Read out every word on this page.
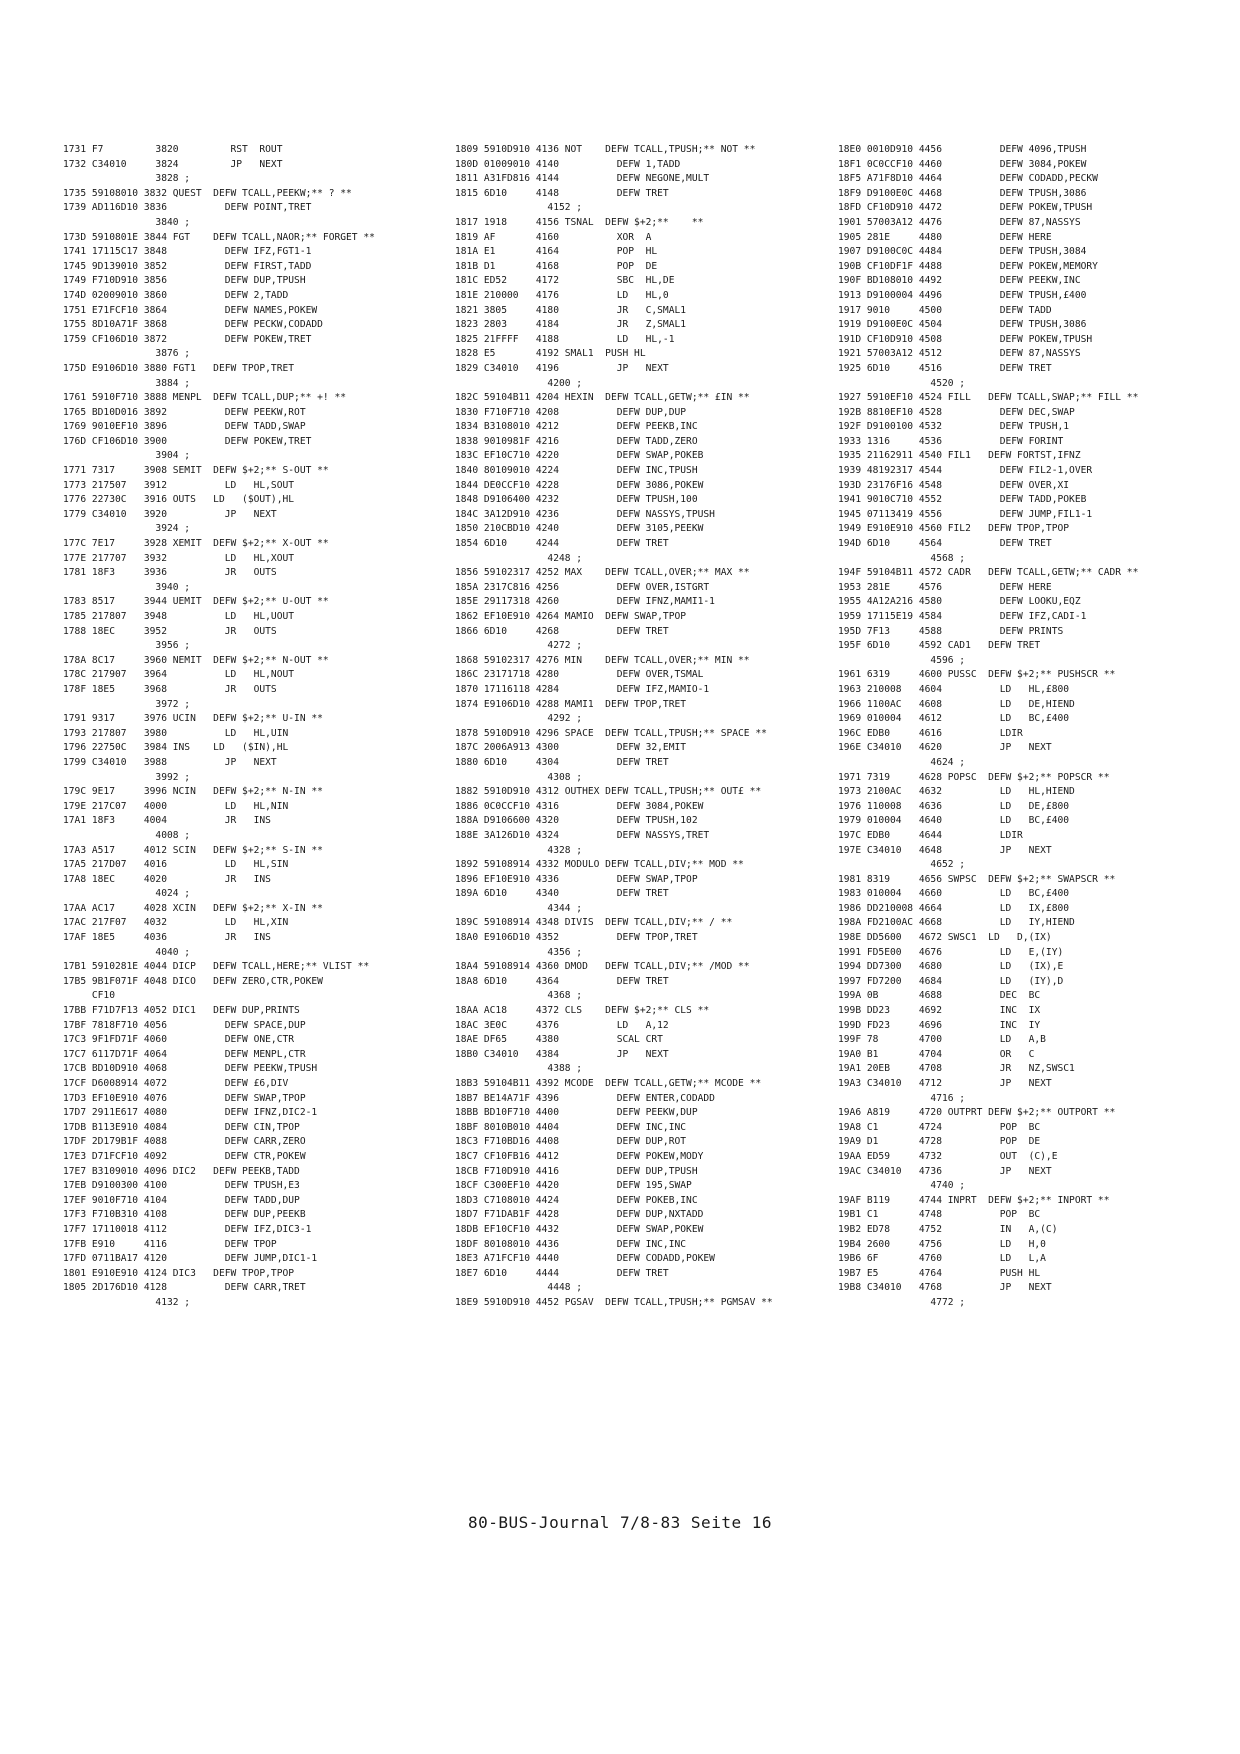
1731 F7         3820         RST  ROUT
1732 C34010     3824         JP   NEXT
3828 ;
1735 59108010 3832 QUEST  DEFW TCALL,PEEKW;** ? **
1739 AD116D10 3836          DEFW POINT,TRET
3840 ;
173D 5910801E 3844 FGT    DEFW TCALL,NAOR;** FORGET **
1741 17115C17 3848          DEFW IFZ,FGT1-1
1745 9D139010 3852          DEFW FIRST,TADD
1749 F710D910 3856          DEFW DUP,TPUSH
174D 02009010 3860          DEFW 2,TADD
1751 E71FCF10 3864          DEFW NAMES,POKEW
1755 8D10A71F 3868          DEFW PECKW,CODADD
1759 CF106D10 3872          DEFW POKEW,TRET
3876 ;
175D E9106D10 3880 FGT1   DEFW TPOP,TRET
3884 ;
1761 5910F710 3888 MENPL  DEFW TCALL,DUP;** +! **
1765 BD10D016 3892          DEFW PEEKW,ROT
1769 9010EF10 3896          DEFW TADD,SWAP
176D CF106D10 3900          DEFW POKEW,TRET
3904 ;
1771 7317     3908 SEMIT  DEFW $+2;** S-OUT **
1773 217507   3912          LD   HL,SOUT
1776 22730C   3916 OUTS   LD   ($OUT),HL
1779 C34010   3920          JP   NEXT
3924 ;
177C 7E17     3928 XEMIT  DEFW $+2;** X-OUT **
177E 217707   3932          LD   HL,XOUT
1781 18F3     3936          JR   OUTS
3940 ;
1783 8517     3944 UEMIT  DEFW $+2;** U-OUT **
1785 217807   3948          LD   HL,UOUT
1788 18EC     3952          JR   OUTS
3956 ;
178A 8C17     3960 NEMIT  DEFW $+2;** N-OUT **
178C 217907   3964          LD   HL,NOUT
178F 18E5     3968          JR   OUTS
3972 ;
1791 9317     3976 UCIN   DEFW $+2;** U-IN **
1793 217807   3980          LD   HL,UIN
1796 22750C   3984 INS    LD   ($IN),HL
1799 C34010   3988          JP   NEXT
3992 ;
179C 9E17     3996 NCIN   DEFW $+2;** N-IN **
179E 217C07   4000          LD   HL,NIN
17A1 18F3     4004          JR   INS
4008 ;
17A3 A517     4012 SCIN   DEFW $+2;** S-IN **
17A5 217D07   4016          LD   HL,SIN
17A8 18EC     4020          JR   INS
4024 ;
17AA AC17     4028 XCIN   DEFW $+2;** X-IN **
17AC 217F07   4032          LD   HL,XIN
17AF 18E5     4036          JR   INS
4040 ;
17B1 5910281E 4044 DICP   DEFW TCALL,HERE;** VLIST **
17B5 9B1F071F 4048 DICO   DEFW ZERO,CTR,POKEW
CF10
17BB F71D7F13 4052 DIC1   DEFW DUP,PRINTS
17BF 7818F710 4056          DEFW SPACE,DUP
17C3 9F1FD71F 4060          DEFW ONE,CTR
17C7 6117D71F 4064          DEFW MENPL,CTR
17CB BD10D910 4068          DEFW PEEKW,TPUSH
17CF D6008914 4072          DEFW £6,DIV
17D3 EF10E910 4076          DEFW SWAP,TPOP
17D7 2911E617 4080          DEFW IFNZ,DIC2-1
17DB B113E910 4084          DEFW CIN,TPOP
17DF 2D179B1F 4088          DEFW CARR,ZERO
17E3 D71FCF10 4092          DEFW CTR,POKEW
17E7 B3109010 4096 DIC2   DEFW PEEKB,TADD
17EB D9100300 4100          DEFW TPUSH,E3
17EF 9010F710 4104          DEFW TADD,DUP
17F3 F710B310 4108          DEFW DUP,PEEKB
17F7 17110018 4112          DEFW IFZ,DIC3-1
17FB E910     4116          DEFW TPOP
17FD 0711BA17 4120          DEFW JUMP,DIC1-1
1801 E910E910 4124 DIC3   DEFW TPOP,TPOP
1805 2D176D10 4128          DEFW CARR,TRET
4132 ;
1809 5910D910 4136 NOT    DEFW TCALL,TPUSH;** NOT **
180D 01009010 4140          DEFW 1,TADD
1811 A31FD816 4144          DEFW NEGONE,MULT
1815 6D10     4148          DEFW TRET
4152 ;
1817 1918     4156 TSNAL  DEFW $+2;**    **
1819 AF       4160          XOR  A
181A E1       4164          POP  HL
181B D1       4168          POP  DE
181C ED52     4172          SBC  HL,DE
181E 210000   4176          LD   HL,0
1821 3805     4180          JR   C,SMAL1
1823 2803     4184          JR   Z,SMAL1
1825 21FFFF   4188          LD   HL,-1
1828 E5       4192 SMAL1  PUSH HL
1829 C34010   4196          JP   NEXT
4200 ;
182C 59104B11 4204 HEXIN  DEFW TCALL,GETW;** £IN **
1830 F710F710 4208          DEFW DUP,DUP
1834 B3108010 4212          DEFW PEEKB,INC
1838 9010981F 4216          DEFW TADD,ZERO
183C EF10C710 4220          DEFW SWAP,POKEB
1840 80109010 4224          DEFW INC,TPUSH
1844 DE0CCF10 4228          DEFW 3086,POKEW
1848 D9106400 4232          DEFW TPUSH,100
184C 3A12D910 4236          DEFW NASSYS,TPUSH
1850 210CBD10 4240          DEFW 3105,PEEKW
1854 6D10     4244          DEFW TRET
4248 ;
1856 59102317 4252 MAX    DEFW TCALL,OVER;** MAX **
185A 2317C816 4256          DEFW OVER,ISTGRT
185E 29117318 4260          DEFW IFNZ,MAMI1-1
1862 EF10E910 4264 MAMIO  DEFW SWAP,TPOP
1866 6D10     4268          DEFW TRET
4272 ;
1868 59102317 4276 MIN    DEFW TCALL,OVER;** MIN **
186C 23171718 4280          DEFW OVER,TSMAL
1870 17116118 4284          DEFW IFZ,MAMIO-1
1874 E9106D10 4288 MAMI1  DEFW TPOP,TRET
4292 ;
1878 5910D910 4296 SPACE  DEFW TCALL,TPUSH;** SPACE **
187C 2006A913 4300          DEFW 32,EMIT
1880 6D10     4304          DEFW TRET
4308 ;
1882 5910D910 4312 OUTHEX DEFW TCALL,TPUSH;** OUT£ **
1886 0C0CCF10 4316          DEFW 3084,POKEW
188A D9106600 4320          DEFW TPUSH,102
188E 3A126D10 4324          DEFW NASSYS,TRET
4328 ;
1892 59108914 4332 MODULO DEFW TCALL,DIV;** MOD **
1896 EF10E910 4336          DEFW SWAP,TPOP
189A 6D10     4340          DEFW TRET
4344 ;
189C 59108914 4348 DIVIS  DEFW TCALL,DIV;** / **
18A0 E9106D10 4352          DEFW TPOP,TRET
4356 ;
18A4 59108914 4360 DMOD   DEFW TCALL,DIV;** /MOD **
18A8 6D10     4364          DEFW TRET
4368 ;
18AA AC18     4372 CLS    DEFW $+2;** CLS **
18AC 3E0C     4376          LD   A,12
18AE DF65     4380          SCAL CRT
18B0 C34010   4384          JP   NEXT
4388 ;
18B3 59104B11 4392 MCODE  DEFW TCALL,GETW;** MCODE **
18B7 BE14A71F 4396          DEFW ENTER,CODADD
18BB BD10F710 4400          DEFW PEEKW,DUP
18BF 8010B010 4404          DEFW INC,INC
18C3 F710BD16 4408          DEFW DUP,ROT
18C7 CF10FB16 4412          DEFW POKEW,MODY
18CB F710D910 4416          DEFW DUP,TPUSH
18CF C300EF10 4420          DEFW 195,SWAP
18D3 C7108010 4424          DEFW POKEB,INC
18D7 F71DAB1F 4428          DEFW DUP,NXTADD
18DB EF10CF10 4432          DEFW SWAP,POKEW
18DF 80108010 4436          DEFW INC,INC
18E3 A71FCF10 4440          DEFW CODADD,POKEW
18E7 6D10     4444          DEFW TRET
4448 ;
18E9 5910D910 4452 PGSAV  DEFW TCALL,TPUSH;** PGMSAV **
18E0 0010D910 4456          DEFW 4096,TPUSH
18F1 0C0CCF10 4460          DEFW 3084,POKEW
18F5 A71F8D10 4464          DEFW CODADD,PECKW
18F9 D9100E0C 4468          DEFW TPUSH,3086
18FD CF10D910 4472          DEFW POKEW,TPUSH
1901 57003A12 4476          DEFW 87,NASSYS
1905 281E     4480          DEFW HERE
1907 D9100C0C 4484          DEFW TPUSH,3084
190B CF10DF1F 4488          DEFW POKEW,MEMORY
190F BD108010 4492          DEFW PEEKW,INC
1913 D9100004 4496          DEFW TPUSH,£400
1917 9010     4500          DEFW TADD
1919 D9100E0C 4504          DEFW TPUSH,3086
191D CF10D910 4508          DEFW POKEW,TPUSH
1921 57003A12 4512          DEFW 87,NASSYS
1925 6D10     4516          DEFW TRET
4520 ;
1927 5910EF10 4524 FILL   DEFW TCALL,SWAP;** FILL **
192B 8810EF10 4528          DEFW DEC,SWAP
192F D9100100 4532          DEFW TPUSH,1
1933 1316     4536          DEFW FORINT
1935 21162911 4540 FIL1   DEFW FORTST,IFNZ
1939 48192317 4544          DEFW FIL2-1,OVER
193D 23176F16 4548          DEFW OVER,XI
1941 9010C710 4552          DEFW TADD,POKEB
1945 07113419 4556          DEFW JUMP,FIL1-1
1949 E910E910 4560 FIL2   DEFW TPOP,TPOP
194D 6D10     4564          DEFW TRET
4568 ;
194F 59104B11 4572 CADR   DEFW TCALL,GETW;** CADR **
1953 281E     4576          DEFW HERE
1955 4A12A216 4580          DEFW LOOKU,EQZ
1959 17115E19 4584          DEFW IFZ,CADI-1
195D 7F13     4588          DEFW PRINTS
195F 6D10     4592 CAD1   DEFW TRET
4596 ;
1961 6319     4600 PUSSC  DEFW $+2;** PUSHSCR **
1963 210008   4604          LD   HL,£800
1966 1100AC   4608          LD   DE,HIEND
1969 010004   4612          LD   BC,£400
196C EDB0     4616          LDIR
196E C34010   4620          JP   NEXT
4624 ;
1971 7319     4628 POPSC  DEFW $+2;** POPSCR **
1973 2100AC   4632          LD   HL,HIEND
1976 110008   4636          LD   DE,£800
1979 010004   4640          LD   BC,£400
197C EDB0     4644          LDIR
197E C34010   4648          JP   NEXT
4652 ;
1981 8319     4656 SWPSC  DEFW $+2;** SWAPSCR **
1983 010004   4660          LD   BC,£400
1986 DD210008 4664          LD   IX,£800
198A FD2100AC 4668          LD   IY,HIEND
198E DD5600   4672 SWSC1  LD   D,(IX)
1991 FD5E00   4676          LD   E,(IY)
1994 DD7300   4680          LD   (IX),E
1997 FD7200   4684          LD   (IY),D
199A 0B       4688          DEC  BC
199B DD23     4692          INC  IX
199D FD23     4696          INC  IY
199F 78       4700          LD   A,B
19A0 B1       4704          OR   C
19A1 20EB     4708          JR   NZ,SWSC1
19A3 C34010   4712          JP   NEXT
4716 ;
19A6 A819     4720 OUTPRT DEFW $+2;** OUTPORT **
19A8 C1       4724          POP  BC
19A9 D1       4728          POP  DE
19AA ED59     4732          OUT  (C),E
19AC C34010   4736          JP   NEXT
4740 ;
19AF B119     4744 INPRT  DEFW $+2;** INPORT **
19B1 C1       4748          POP  BC
19B2 ED78     4752          IN   A,(C)
19B4 2600     4756          LD   H,0
19B6 6F       4760          LD   L,A
19B7 E5       4764          PUSH HL
19B8 C34010   4768          JP   NEXT
4772 ;
80-BUS-Journal 7/8-83 Seite 16
